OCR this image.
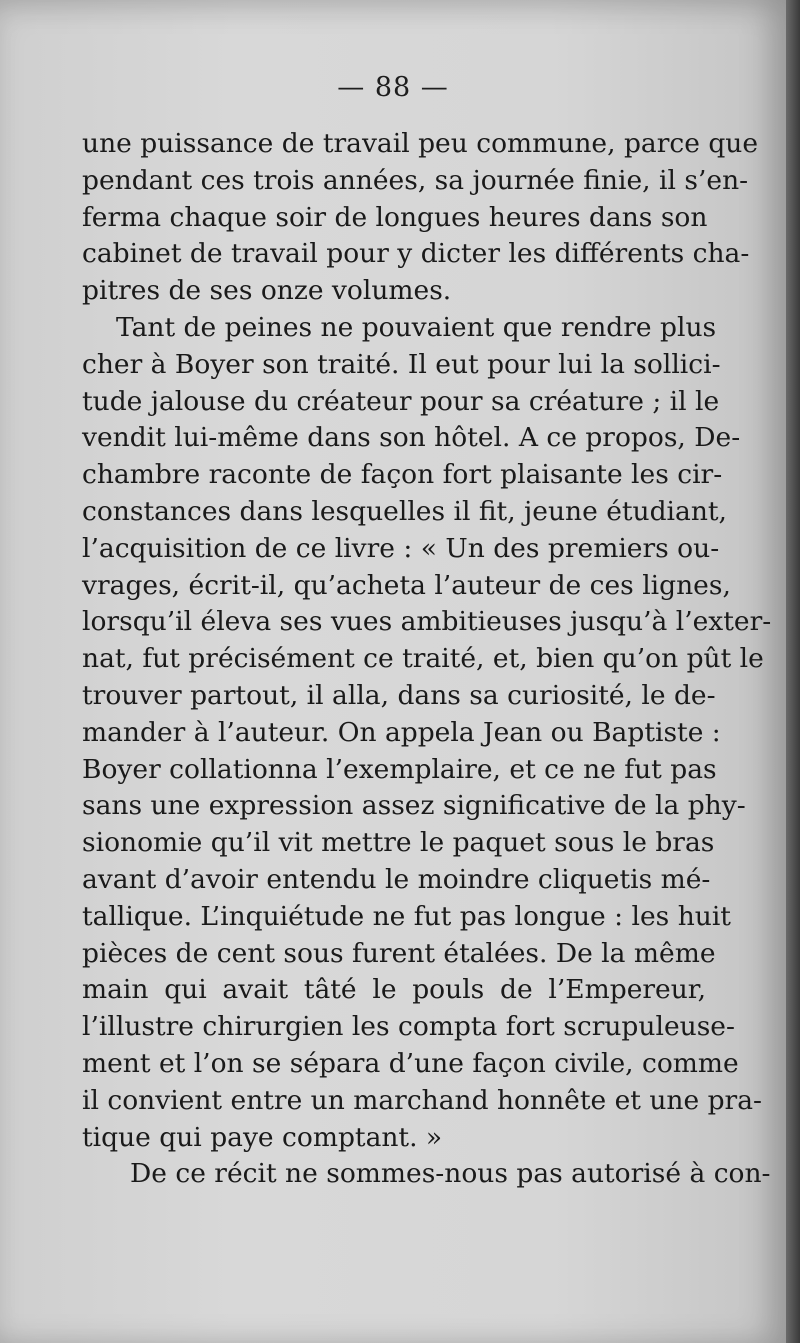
— 88 —
une puissance de travail peu commune, parce que
pendant ces trois années, sa journée finie, il s’en-
ferma chaque soir de longues heures dans son
cabinet de travail pour y dicter les différents cha-
pitres de ses onze volumes.
Tant de peines ne pouvaient que rendre plus
cher à Boyer son traité. Il eut pour lui la sollici-
tude jalouse du créateur pour sa créature ; il le
vendit lui-même dans son hôtel. A ce propos, De-
chambre raconte de façon fort plaisante les cir-
constances dans lesquelles il fit, jeune étudiant,
l’acquisition de ce livre : « Un des premiers ou-
vrages, écrit-il, qu’acheta l’auteur de ces lignes,
lorsqu’il éleva ses vues ambitieuses jusqu’à l’exter-
nat, fut précisément ce traité, et, bien qu’on pût le
trouver partout, il alla, dans sa curiosité, le de-
mander à l’auteur. On appela Jean ou Baptiste :
Boyer collationna l’exemplaire, et ce ne fut pas
sans une expression assez significative de la phy-
sionomie qu’il vit mettre le paquet sous le bras
avant d’avoir entendu le moindre cliquetis mé-
tallique. L’inquiétude ne fut pas longue : les huit
pièces de cent sous furent étalées. De la même
main qui avait tâté le pouls de l’Empereur,
l’illustre chirurgien les compta fort scrupuleuse-
ment et l’on se sépara d’une façon civile, comme
il convient entre un marchand honnête et une pra-
tique qui paye comptant. »
De ce récit ne sommes-nous pas autorisé à con-
